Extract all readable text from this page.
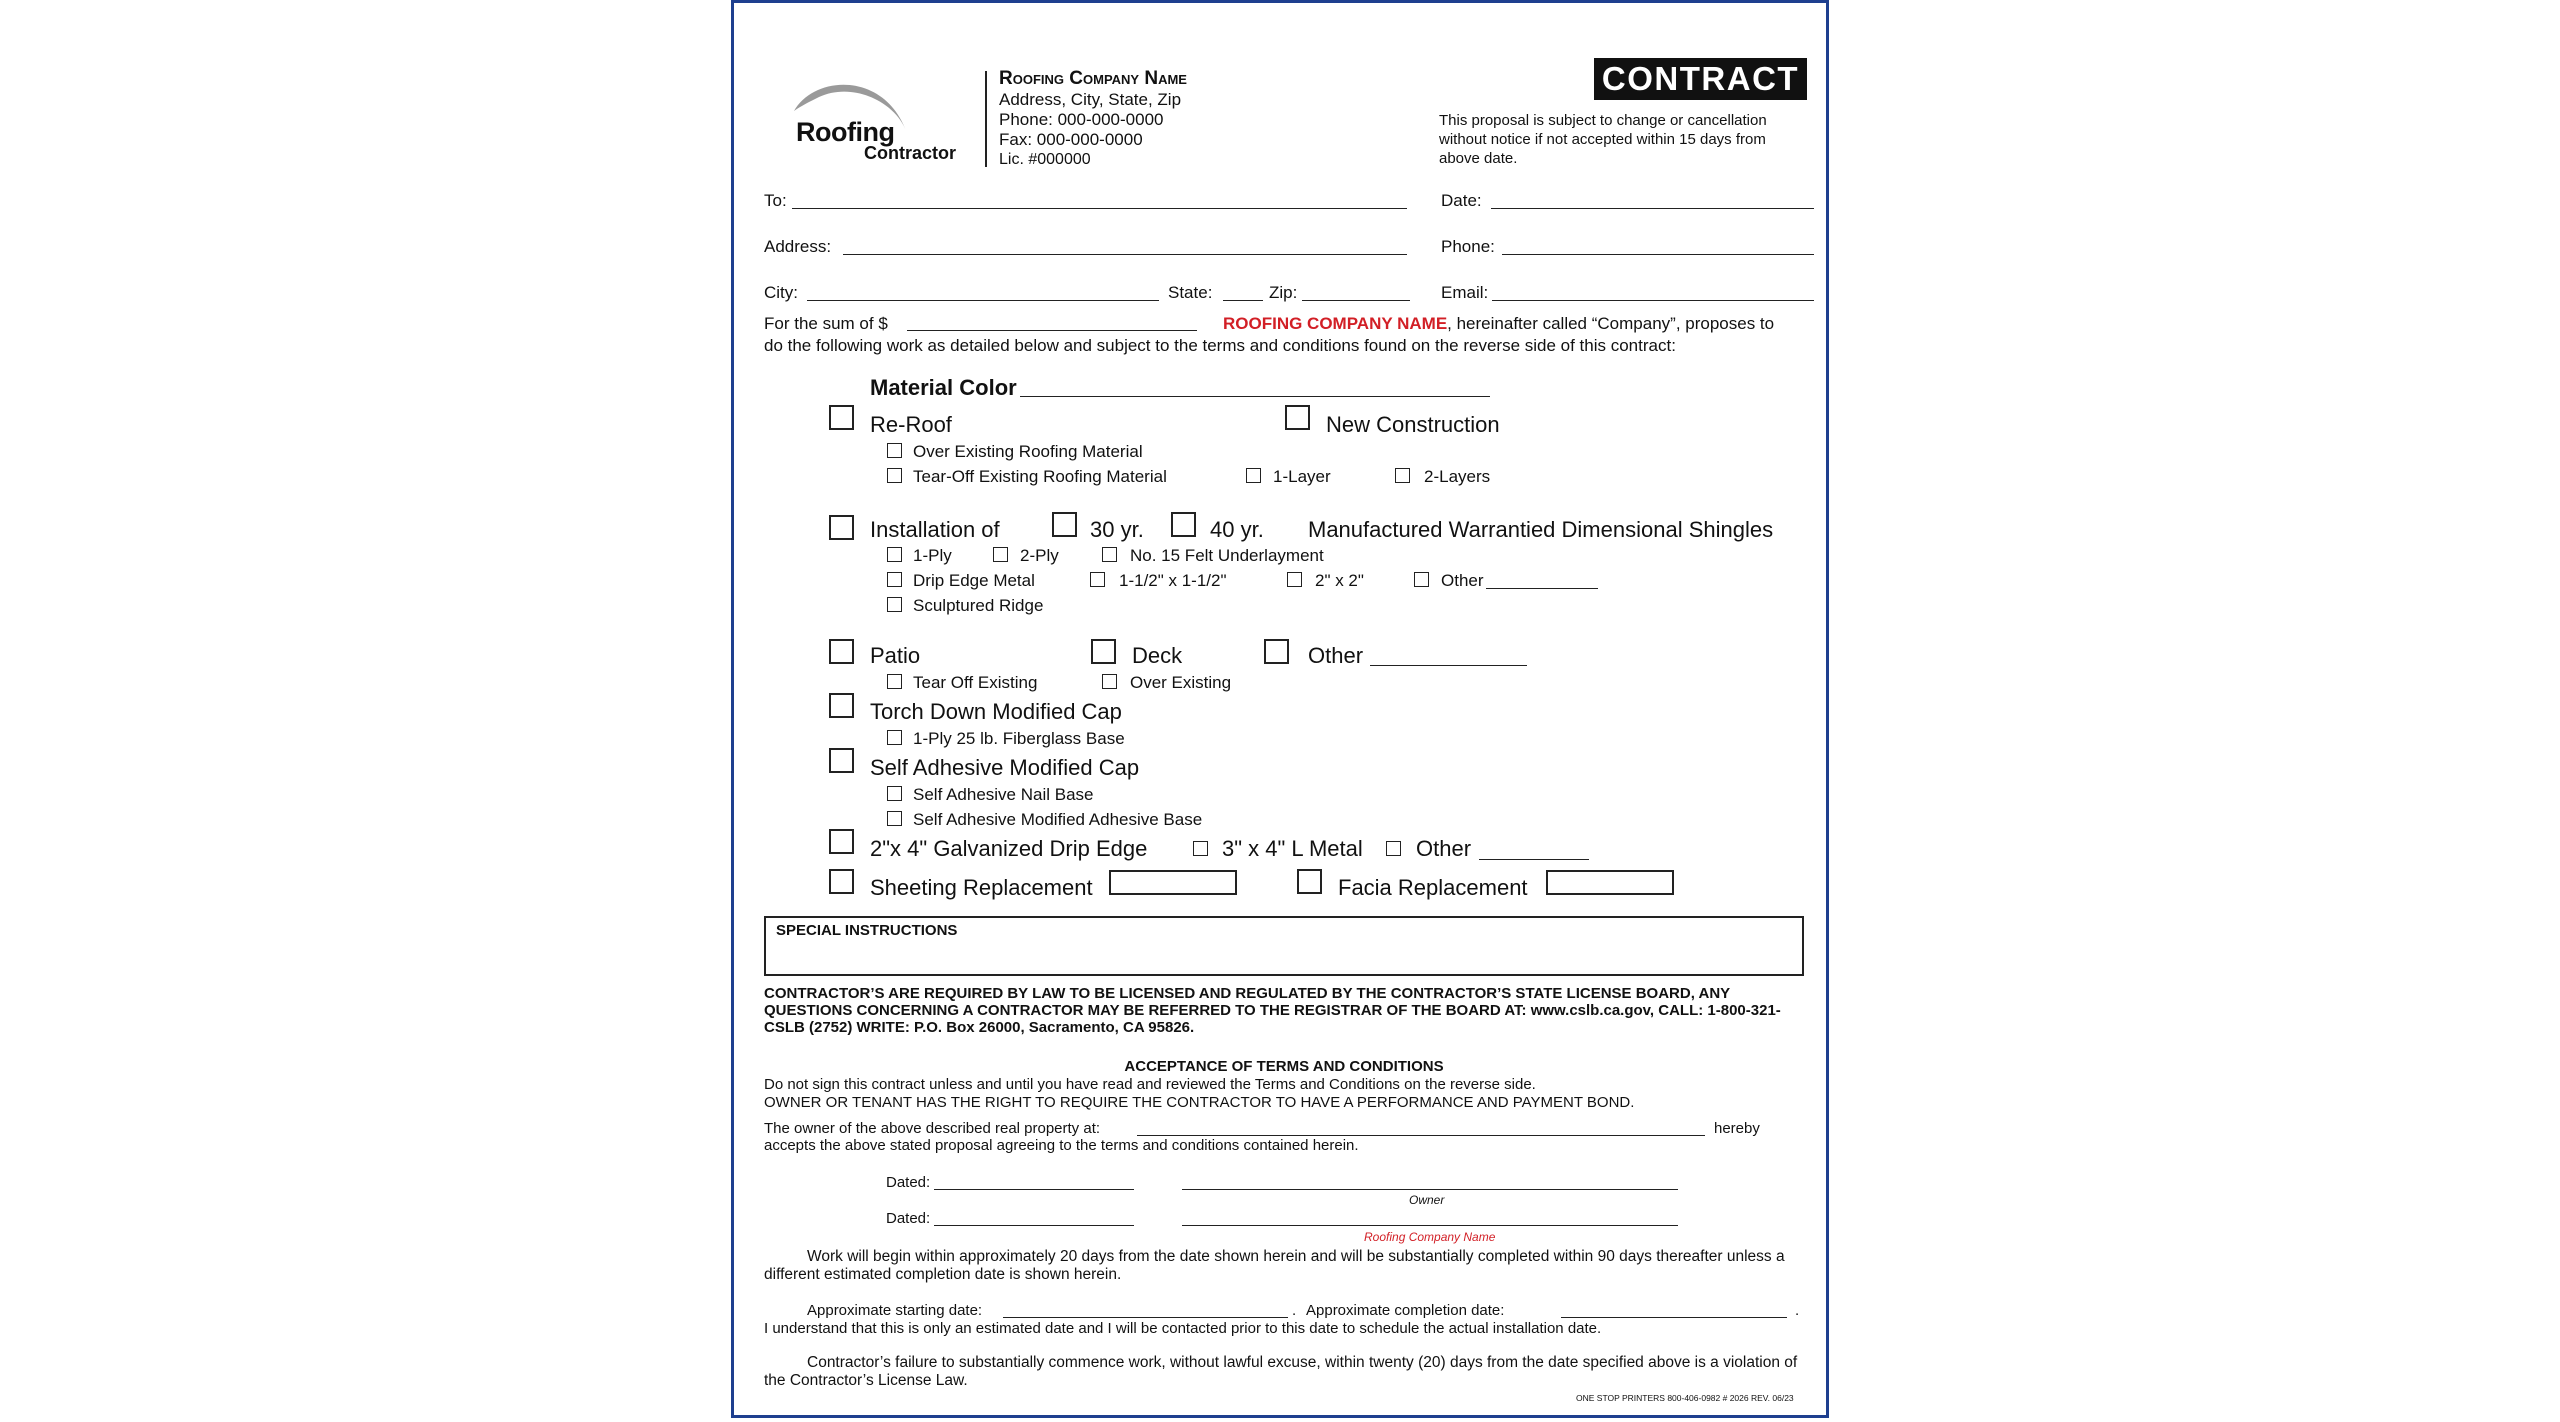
Roofing
Contractor
Roofing Company Name
Address, City, State, Zip
Phone: 000-000-0000
Fax: 000-000-0000
Lic. #000000
CONTRACT
This proposal is subject to change or cancellation without notice if not accepted within 15 days from above date.
To:	Date:
Address:	Phone:
City:	State:	Zip:	Email:
For the sum of $	ROOFING COMPANY NAME, hereinafter called “Company”, proposes to
do the following work as detailed below and subject to the terms and conditions found on the reverse side of this contract:
Material Color
Re-Roof	New Construction
Over Existing Roofing Material
Tear-Off Existing Roofing Material	1-Layer	2-Layers
Installation of	30 yr.	40 yr. Manufactured Warrantied Dimensional Shingles
1-Ply	2-Ply	No. 15 Felt Underlayment
Drip Edge Metal	1-1/2" x 1-1/2"	2" x 2"	Other
Sculptured Ridge
Patio	Deck	Other
Tear Off Existing	Over Existing
Torch Down Modified Cap
1-Ply 25 lb. Fiberglass Base
Self Adhesive Modified Cap
Self Adhesive Nail Base
Self Adhesive Modified Adhesive Base
2"x 4" Galvanized Drip Edge	3" x 4" L Metal Other
Sheeting Replacement	Facia Replacement
SPECIAL INSTRUCTIONS
CONTRACTOR’S ARE REQUIRED BY LAW TO BE LICENSED AND REGULATED BY THE CONTRACTOR’S STATE LICENSE BOARD, ANY QUESTIONS CONCERNING A CONTRACTOR MAY BE REFERRED TO THE REGISTRAR OF THE BOARD AT: www.cslb.ca.gov, CALL: 1-800-321-CSLB (2752) WRITE: P.O. Box 26000, Sacramento, CA 95826.
ACCEPTANCE OF TERMS AND CONDITIONS
Do not sign this contract unless and until you have read and reviewed the Terms and Conditions on the reverse side.
OWNER OR TENANT HAS THE RIGHT TO REQUIRE THE CONTRACTOR TO HAVE A PERFORMANCE AND PAYMENT BOND.
The owner of the above described real property at:	hereby
accepts the above stated proposal agreeing to the terms and conditions contained herein.
Dated:
Owner
Dated:
Roofing Company Name
Work will begin within approximately 20 days from the date shown herein and will be substantially completed within 90 days thereafter unless a different estimated completion date is shown herein.
Approximate starting date:	. Approximate completion date:	.
I understand that this is only an estimated date and I will be contacted prior to this date to schedule the actual installation date.
Contractor’s failure to substantially commence work, without lawful excuse, within twenty (20) days from the date specified above is a violation of the Contractor’s License Law.
ONE STOP PRINTERS 800-406-0982 # 2026 REV. 06/23
